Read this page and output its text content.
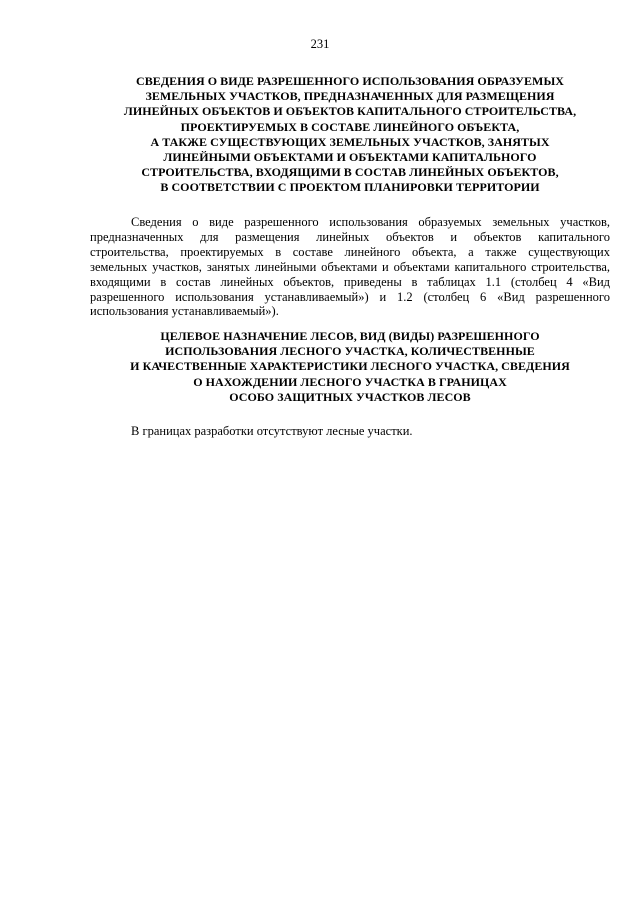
231
СВЕДЕНИЯ О ВИДЕ РАЗРЕШЕННОГО ИСПОЛЬЗОВАНИЯ ОБРАЗУЕМЫХ
ЗЕМЕЛЬНЫХ УЧАСТКОВ, ПРЕДНАЗНАЧЕННЫХ ДЛЯ РАЗМЕЩЕНИЯ
ЛИНЕЙНЫХ ОБЪЕКТОВ И ОБЪЕКТОВ КАПИТАЛЬНОГО СТРОИТЕЛЬСТВА,
ПРОЕКТИРУЕМЫХ В СОСТАВЕ ЛИНЕЙНОГО ОБЪЕКТА,
А ТАКЖЕ СУЩЕСТВУЮЩИХ ЗЕМЕЛЬНЫХ УЧАСТКОВ, ЗАНЯТЫХ
ЛИНЕЙНЫМИ ОБЪЕКТАМИ И ОБЪЕКТАМИ КАПИТАЛЬНОГО
СТРОИТЕЛЬСТВА, ВХОДЯЩИМИ В СОСТАВ ЛИНЕЙНЫХ ОБЪЕКТОВ,
В СООТВЕТСТВИИ С ПРОЕКТОМ ПЛАНИРОВКИ ТЕРРИТОРИИ
Сведения о виде разрешенного использования образуемых земельных участков,
предназначенных для размещения линейных объектов и объектов капитального
строительства, проектируемых в составе линейного объекта, а также существующих
земельных участков, занятых линейными объектами и объектами капитального строительства,
входящими в состав линейных объектов, приведены в таблицах 1.1 (столбец 4 «Вид
разрешенного использования устанавливаемый») и 1.2 (столбец 6 «Вид разрешенного
использования устанавливаемый»).
ЦЕЛЕВОЕ НАЗНАЧЕНИЕ ЛЕСОВ, ВИД (ВИДЫ) РАЗРЕШЕННОГО
ИСПОЛЬЗОВАНИЯ ЛЕСНОГО УЧАСТКА, КОЛИЧЕСТВЕННЫЕ
И КАЧЕСТВЕННЫЕ ХАРАКТЕРИСТИКИ ЛЕСНОГО УЧАСТКА, СВЕДЕНИЯ
О НАХОЖДЕНИИ ЛЕСНОГО УЧАСТКА В ГРАНИЦАХ
ОСОБО ЗАЩИТНЫХ УЧАСТКОВ ЛЕСОВ
В границах разработки отсутствуют лесные участки.
